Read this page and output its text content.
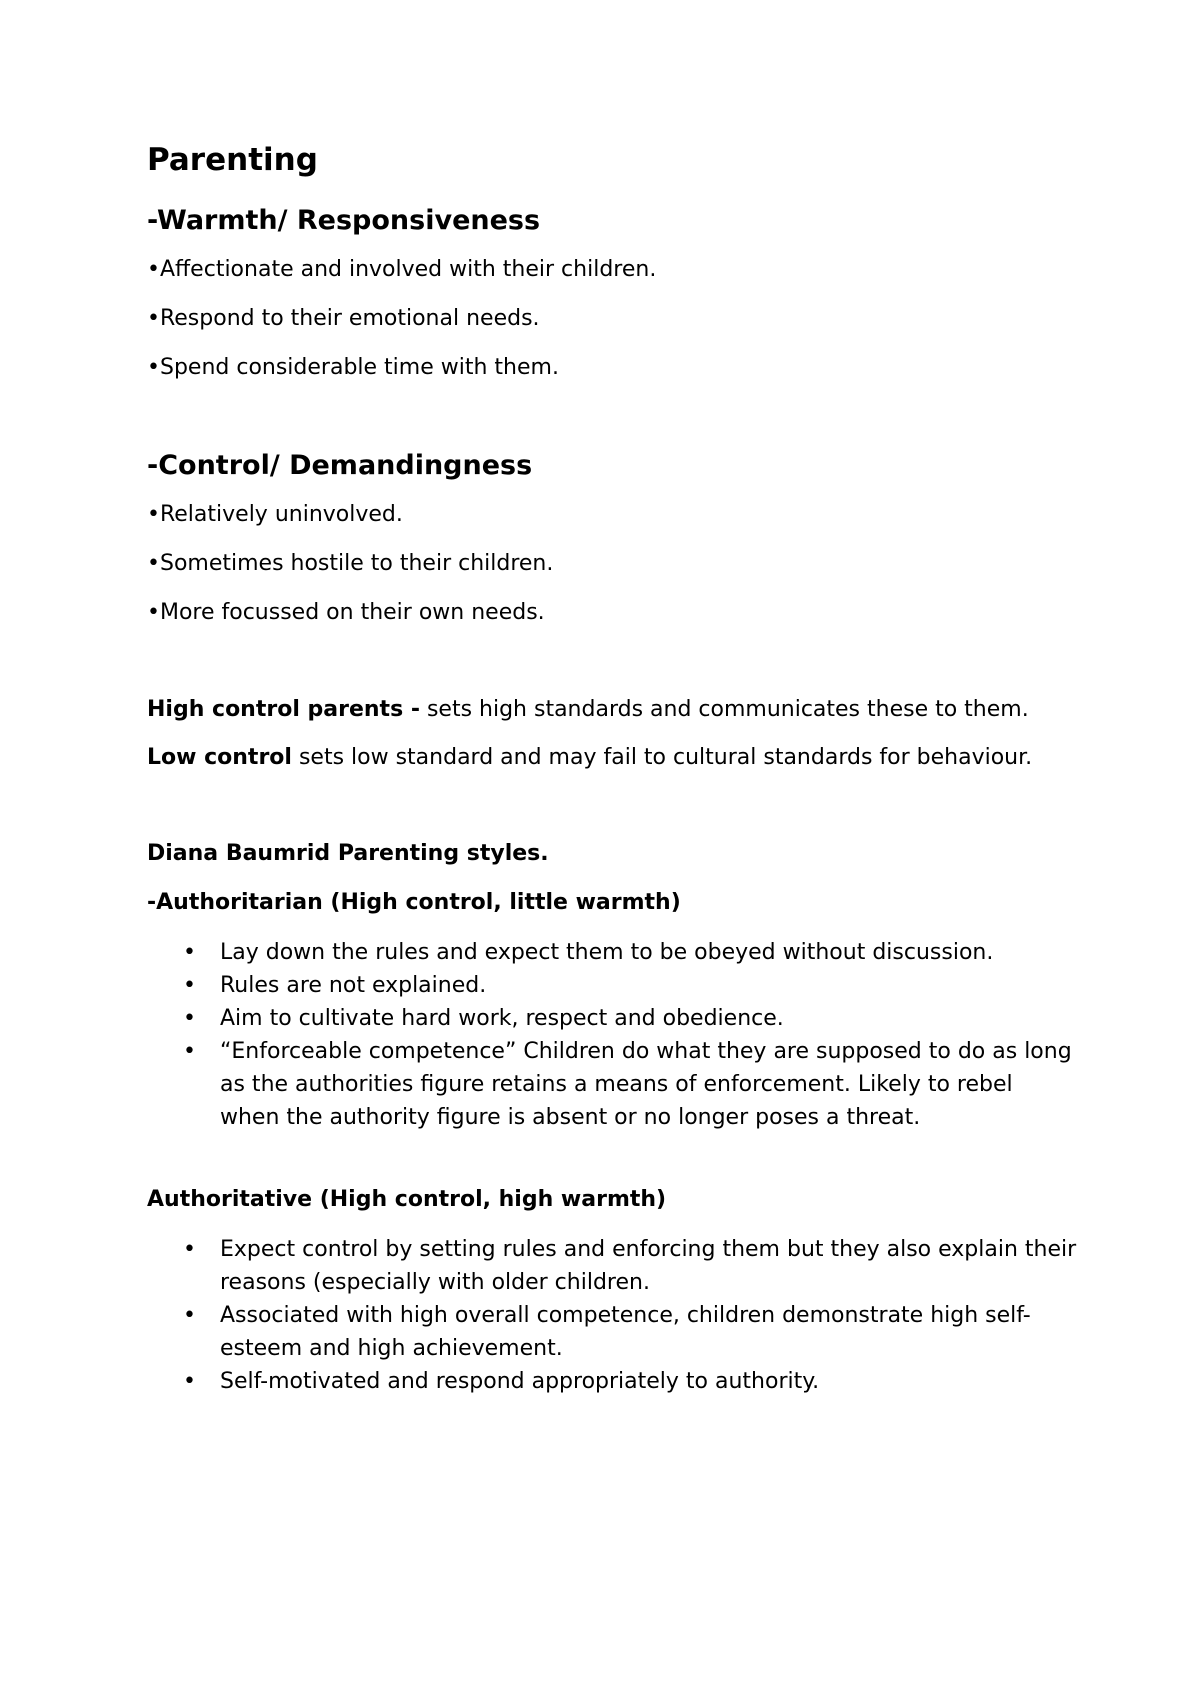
Parenting
-Warmth/ Responsiveness
•Affectionate and involved with their children.
•Respond to their emotional needs.
•Spend considerable time with them.
-Control/ Demandingness
•Relatively uninvolved.
•Sometimes hostile to their children.
•More focussed on their own needs.
High control parents - sets high standards and communicates these to them.
Low control sets low standard and may fail to cultural standards for behaviour.
Diana Baumrid Parenting styles.
-Authoritarian (High control, little warmth)
• Lay down the rules and expect them to be obeyed without discussion.
• Rules are not explained.
• Aim to cultivate hard work, respect and obedience.
• “Enforceable competence” Children do what they are supposed to do as long as the authorities figure retains a means of enforcement. Likely to rebel when the authority figure is absent or no longer poses a threat.
Authoritative (High control, high warmth)
• Expect control by setting rules and enforcing them but they also explain their reasons (especially with older children.
• Associated with high overall competence, children demonstrate high self-esteem and high achievement.
• Self-motivated and respond appropriately to authority.
